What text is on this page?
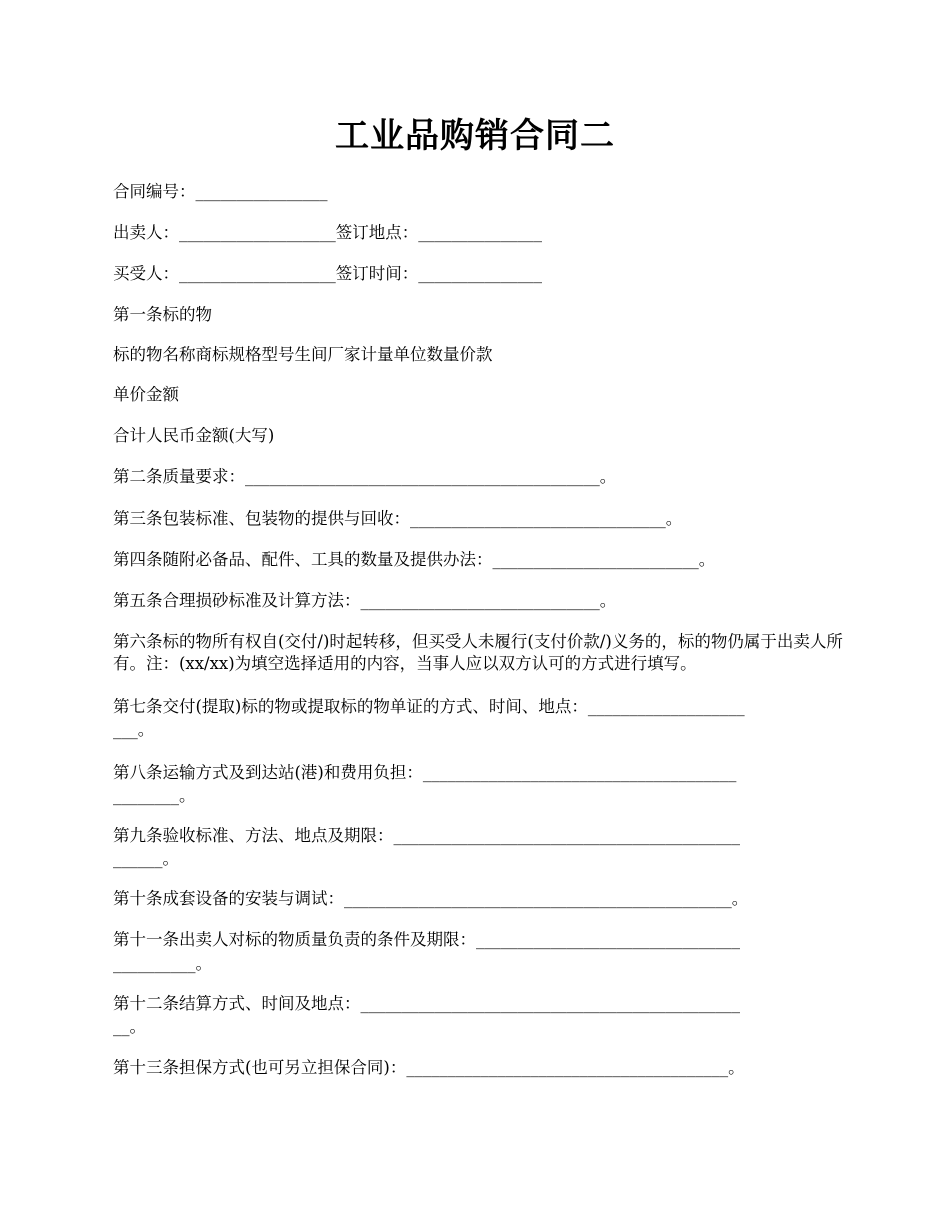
工业品购销合同二

合同编号：________________

出卖人：___________________签订地点：_______________

买受人：___________________签订时间：_______________

第一条标的物

标的物名称商标规格型号生间厂家计量单位数量价款

单价金额

合计人民币金额(大写)

第二条质量要求：___________________________________________。

第三条包装标准、包装物的提供与回收：_______________________________。

第四条随附必备品、配件、工具的数量及提供办法：_________________________。

第五条合理损砂标准及计算方法：_____________________________。

第六条标的物所有权自(交付/)时起转移，但买受人未履行(支付价款/)义务的，标的物仍属于出卖人所有。注：(xx/xx)为填空选择适用的内容，当事人应以双方认可的方式进行填写。

第七条交付(提取)标的物或提取标的物单证的方式、时间、地点：___________________

___。

第八条运输方式及到达站(港)和费用负担：______________________________________

________。

第九条验收标准、方法、地点及期限：__________________________________________

______。

第十条成套设备的安装与调试：_______________________________________________。

第十一条出卖人对标的物质量负责的条件及期限：________________________________

__________。

第十二条结算方式、时间及地点：______________________________________________

__。

第十三条担保方式(也可另立担保合同)：_______________________________________。
